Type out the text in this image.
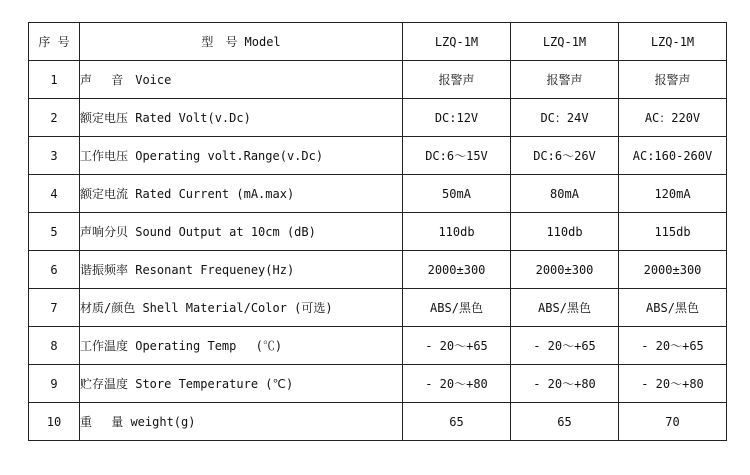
序 号	型　号 Model	LZQ-1M	LZQ-1M	LZQ-1M
1	声　 音　Voice	报警声	报警声	报警声
2	额定电压 Rated Volt(v.Dc)	DC:12V	DC：24V	AC：220V
3	工作电压 Operating volt.Range(v.Dc)	DC:6～15V	DC:6～26V	AC:160-260V
4	额定电流 Rated Current (mA.max)	50mA	80mA	120mA
5	声响分贝 Sound Output at 10cm (dB)	110db	110db	115db
6	谐振频率 Resonant Frequeney(Hz)	2000±300	2000±300	2000±300
7	材质/颜色 Shell Material/Color (可选)	ABS/黑色	ABS/黑色	ABS/黑色
8	工作温度 Operating Temp　 (℃)	- 20～+65	- 20～+65	- 20～+65
9	贮存温度 Store Temperature (℃)	- 20～+80	- 20～+80	- 20～+80
10	重　 量 weight(g)	65	65	70
